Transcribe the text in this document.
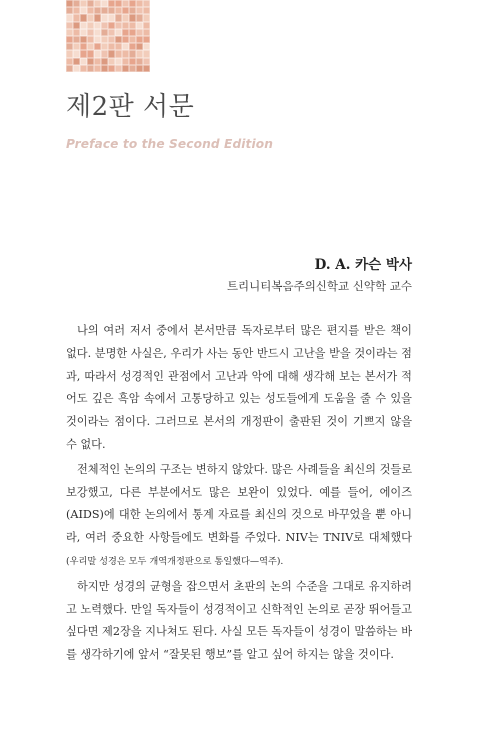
제2판 서문
Preface to the Second Edition
D. A. 카슨 박사
트리니티복음주의신학교 신약학 교수

나의 여러 저서 중에서 본서만큼 독자로부터 많은 편지를 받은 책이 없다. 분명한 사실은, 우리가 사는 동안 반드시 고난을 받을 것이라는 점과, 따라서 성경적인 관점에서 고난과 악에 대해 생각해 보는 본서가 적어도 깊은 흑암 속에서 고통당하고 있는 성도들에게 도움을 줄 수 있을 것이라는 점이다. 그러므로 본서의 개정판이 출판된 것이 기쁘지 않을 수 없다.

전체적인 논의의 구조는 변하지 않았다. 많은 사례들을 최신의 것들로 보강했고, 다른 부분에서도 많은 보완이 있었다. 예를 들어, 에이즈(AIDS)에 대한 논의에서 통계 자료를 최신의 것으로 바꾸었을 뿐 아니라, 여러 중요한 사항들에도 변화를 주었다. NIV는 TNIV로 대체했다(우리말 성경은 모두 개역개정판으로 통일했다—역주).

하지만 성경의 균형을 잡으면서 초판의 논의 수준을 그대로 유지하려고 노력했다. 만일 독자들이 성경적이고 신학적인 논의로 곧장 뛰어들고 싶다면 제2장을 지나쳐도 된다. 사실 모든 독자들이 성경이 말씀하는 바를 생각하기에 앞서 “잘못된 행보”를 알고 싶어 하지는 않을 것이다.
